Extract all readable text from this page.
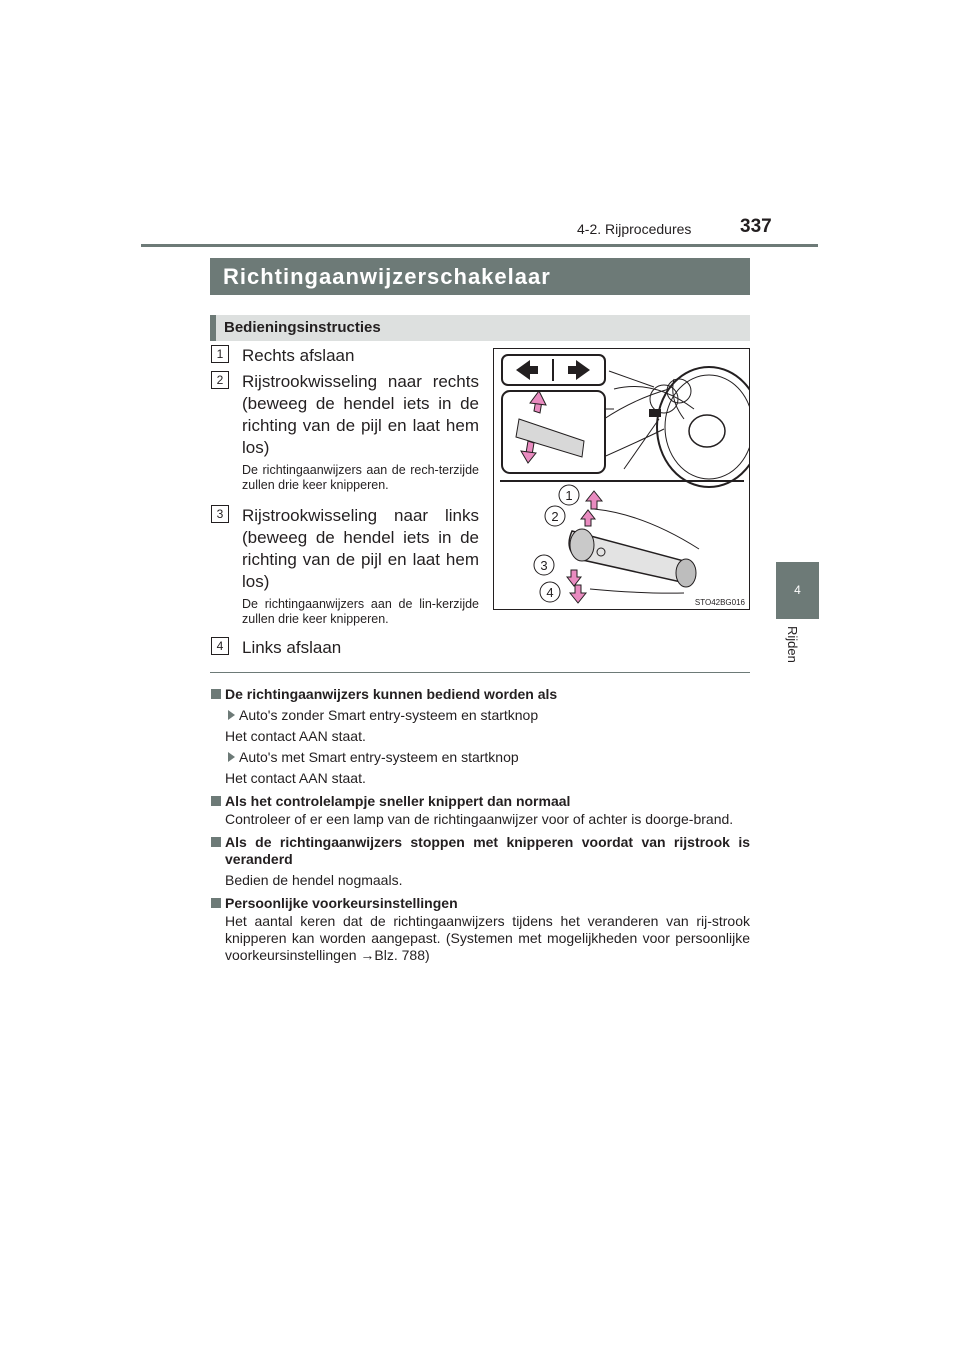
4-2. Rijprocedures	337
4
Rijden
Richtingaanwijzerschakelaar
Bedieningsinstructies
1	Rechts afslaan
2	Rijstrookwisseling naar rechts (beweeg de hendel iets in de richting van de pijl en laat hem los)
De richtingaanwijzers aan de rech-terzijde zullen drie keer knipperen.
3	Rijstrookwisseling naar links (beweeg de hendel iets in de richting van de pijl en laat hem los)
De richtingaanwijzers aan de lin-kerzijde zullen drie keer knipperen.
4	Links afslaan
1
2
3
4
STO42BG016
De richtingaanwijzers kunnen bediend worden als
Auto's zonder Smart entry-systeem en startknop
Het contact AAN staat.
Auto's met Smart entry-systeem en startknop
Het contact AAN staat.
Als het controlelampje sneller knippert dan normaal
Controleer of er een lamp van de richtingaanwijzer voor of achter is doorge-brand.
Als de richtingaanwijzers stoppen met knipperen voordat van rijstrook is veranderd
Bedien de hendel nogmaals.
Persoonlijke voorkeursinstellingen
Het aantal keren dat de richtingaanwijzers tijdens het veranderen van rij-strook knipperen kan worden aangepast. (Systemen met mogelijkheden voor persoonlijke voorkeursinstellingen →Blz. 788)
